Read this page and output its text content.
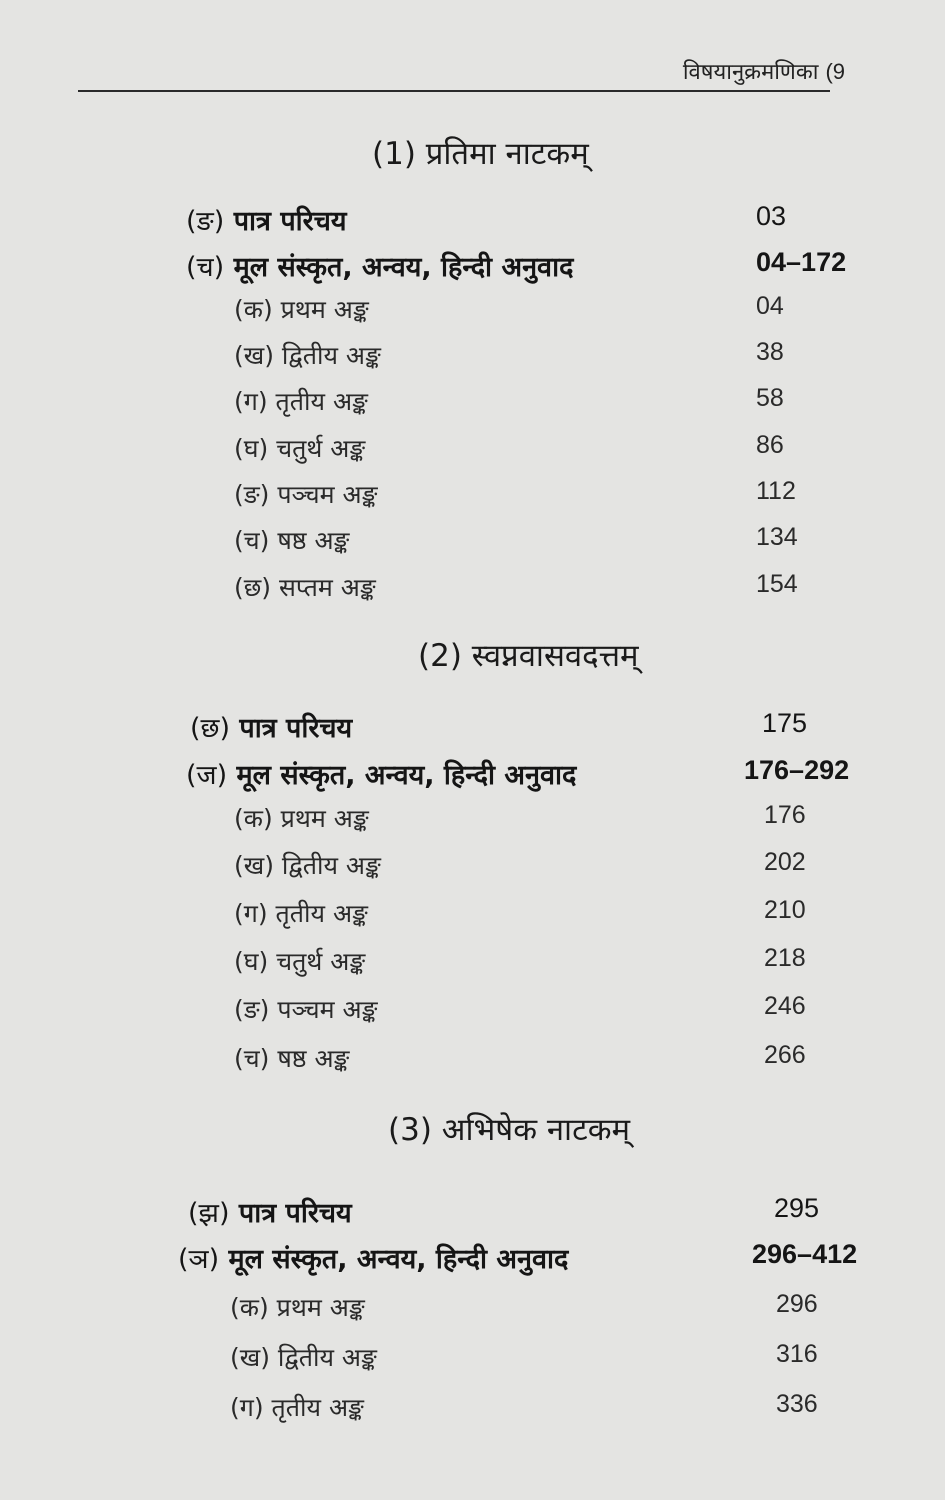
विषयानुक्रमणिका (9
(1) प्रतिमा नाटकम्
(ङ) पात्र परिचय	03
(च) मूल संस्कृत, अन्वय, हिन्दी अनुवाद	04–172
(क) प्रथम अङ्क	04
(ख) द्वितीय अङ्क	38
(ग) तृतीय अङ्क	58
(घ) चतुर्थ अङ्क	86
(ङ) पञ्चम अङ्क	112
(च) षष्ठ अङ्क	134
(छ) सप्तम अङ्क	154
(2) स्वप्नवासवदत्तम्
(छ) पात्र परिचय	175
(ज) मूल संस्कृत, अन्वय, हिन्दी अनुवाद	176–292
(क) प्रथम अङ्क	176
(ख) द्वितीय अङ्क	202
(ग) तृतीय अङ्क	210
(घ) चतुर्थ अङ्क	218
(ङ) पञ्चम अङ्क	246
(च) षष्ठ अङ्क	266
(3) अभिषेक नाटकम्
(झ) पात्र परिचय	295
(ञ) मूल संस्कृत, अन्वय, हिन्दी अनुवाद	296–412
(क) प्रथम अङ्क	296
(ख) द्वितीय अङ्क	316
(ग) तृतीय अङ्क	336
